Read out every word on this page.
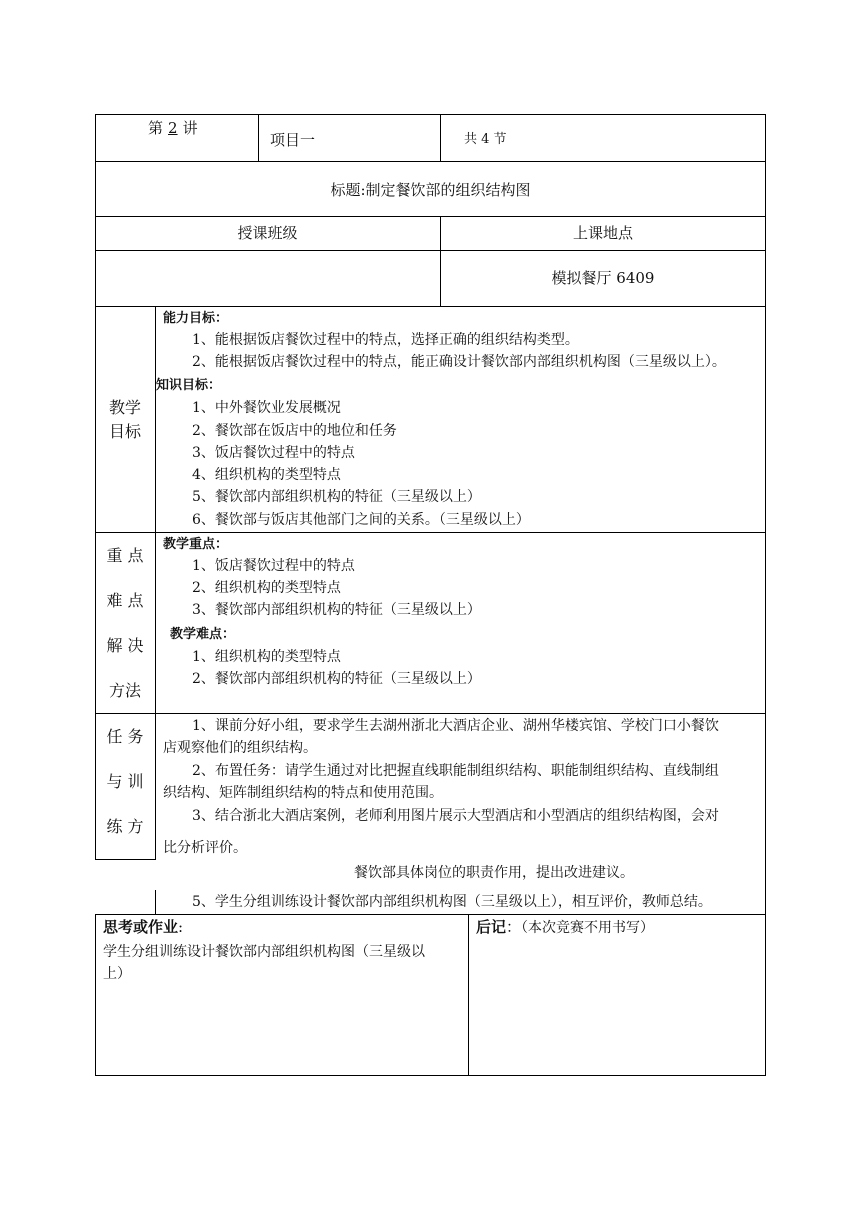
第 2 讲
项目一	共 4 节
标题:制定餐饮部的组织结构图
授课班级	上课地点
模拟餐厅 6409
教学
目标
能力目标：
1、能根据饭店餐饮过程中的特点，选择正确的组织结构类型。
2、能根据饭店餐饮过程中的特点，能正确设计餐饮部内部组织机构图（三星级以上）。
知识目标：
1、中外餐饮业发展概况
2、餐饮部在饭店中的地位和任务
3、饭店餐饮过程中的特点
4、组织机构的类型特点
5、餐饮部内部组织机构的特征（三星级以上）
6、餐饮部与饭店其他部门之间的关系。（三星级以上）
重 点
难 点
解 决
方法
教学重点：
1、饭店餐饮过程中的特点
2、组织机构的类型特点
3、餐饮部内部组织机构的特征（三星级以上）
教学难点：
1、组织机构的类型特点
2、餐饮部内部组织机构的特征（三星级以上）
任 务
与 训
练 方
1、课前分好小组，要求学生去湖州浙北大酒店企业、湖州华楼宾馆、学校门口小餐饮
店观察他们的组织结构。
2、布置任务：请学生通过对比把握直线职能制组织结构、职能制组织结构、直线制组
织结构、矩阵制组织结构的特点和使用范围。
3、结合浙北大酒店案例，老师利用图片展示大型酒店和小型酒店的组织结构图，会对
比分析评价。
餐饮部具体岗位的职责作用，提出改进建议。
5、学生分组训练设计餐饮部内部组织机构图（三星级以上），相互评价，教师总结。
思考或作业:
学生分组训练设计餐饮部内部组织机构图（三星级以
上）
后记：（本次竞赛不用书写）
